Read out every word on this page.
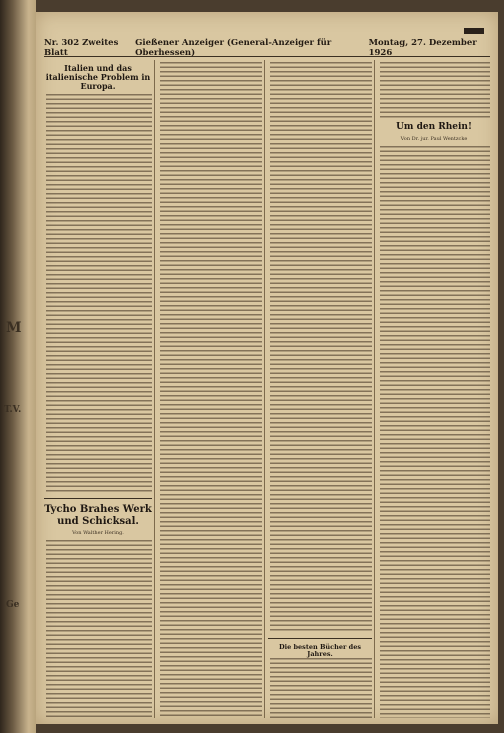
M
T.V.
Ge
Nr. 302 Zweites Blatt
Gießener Anzeiger (General-Anzeiger für Oberhessen)
Montag, 27. Dezember 1926
Italien und das italienische Problem in Europa.
Tycho Brahes Werk und Schicksal.
Von Walther Hering.
Die besten Bücher des Jahres.
Um den Rhein!
Von Dr. jur. Paul Wentzcke
